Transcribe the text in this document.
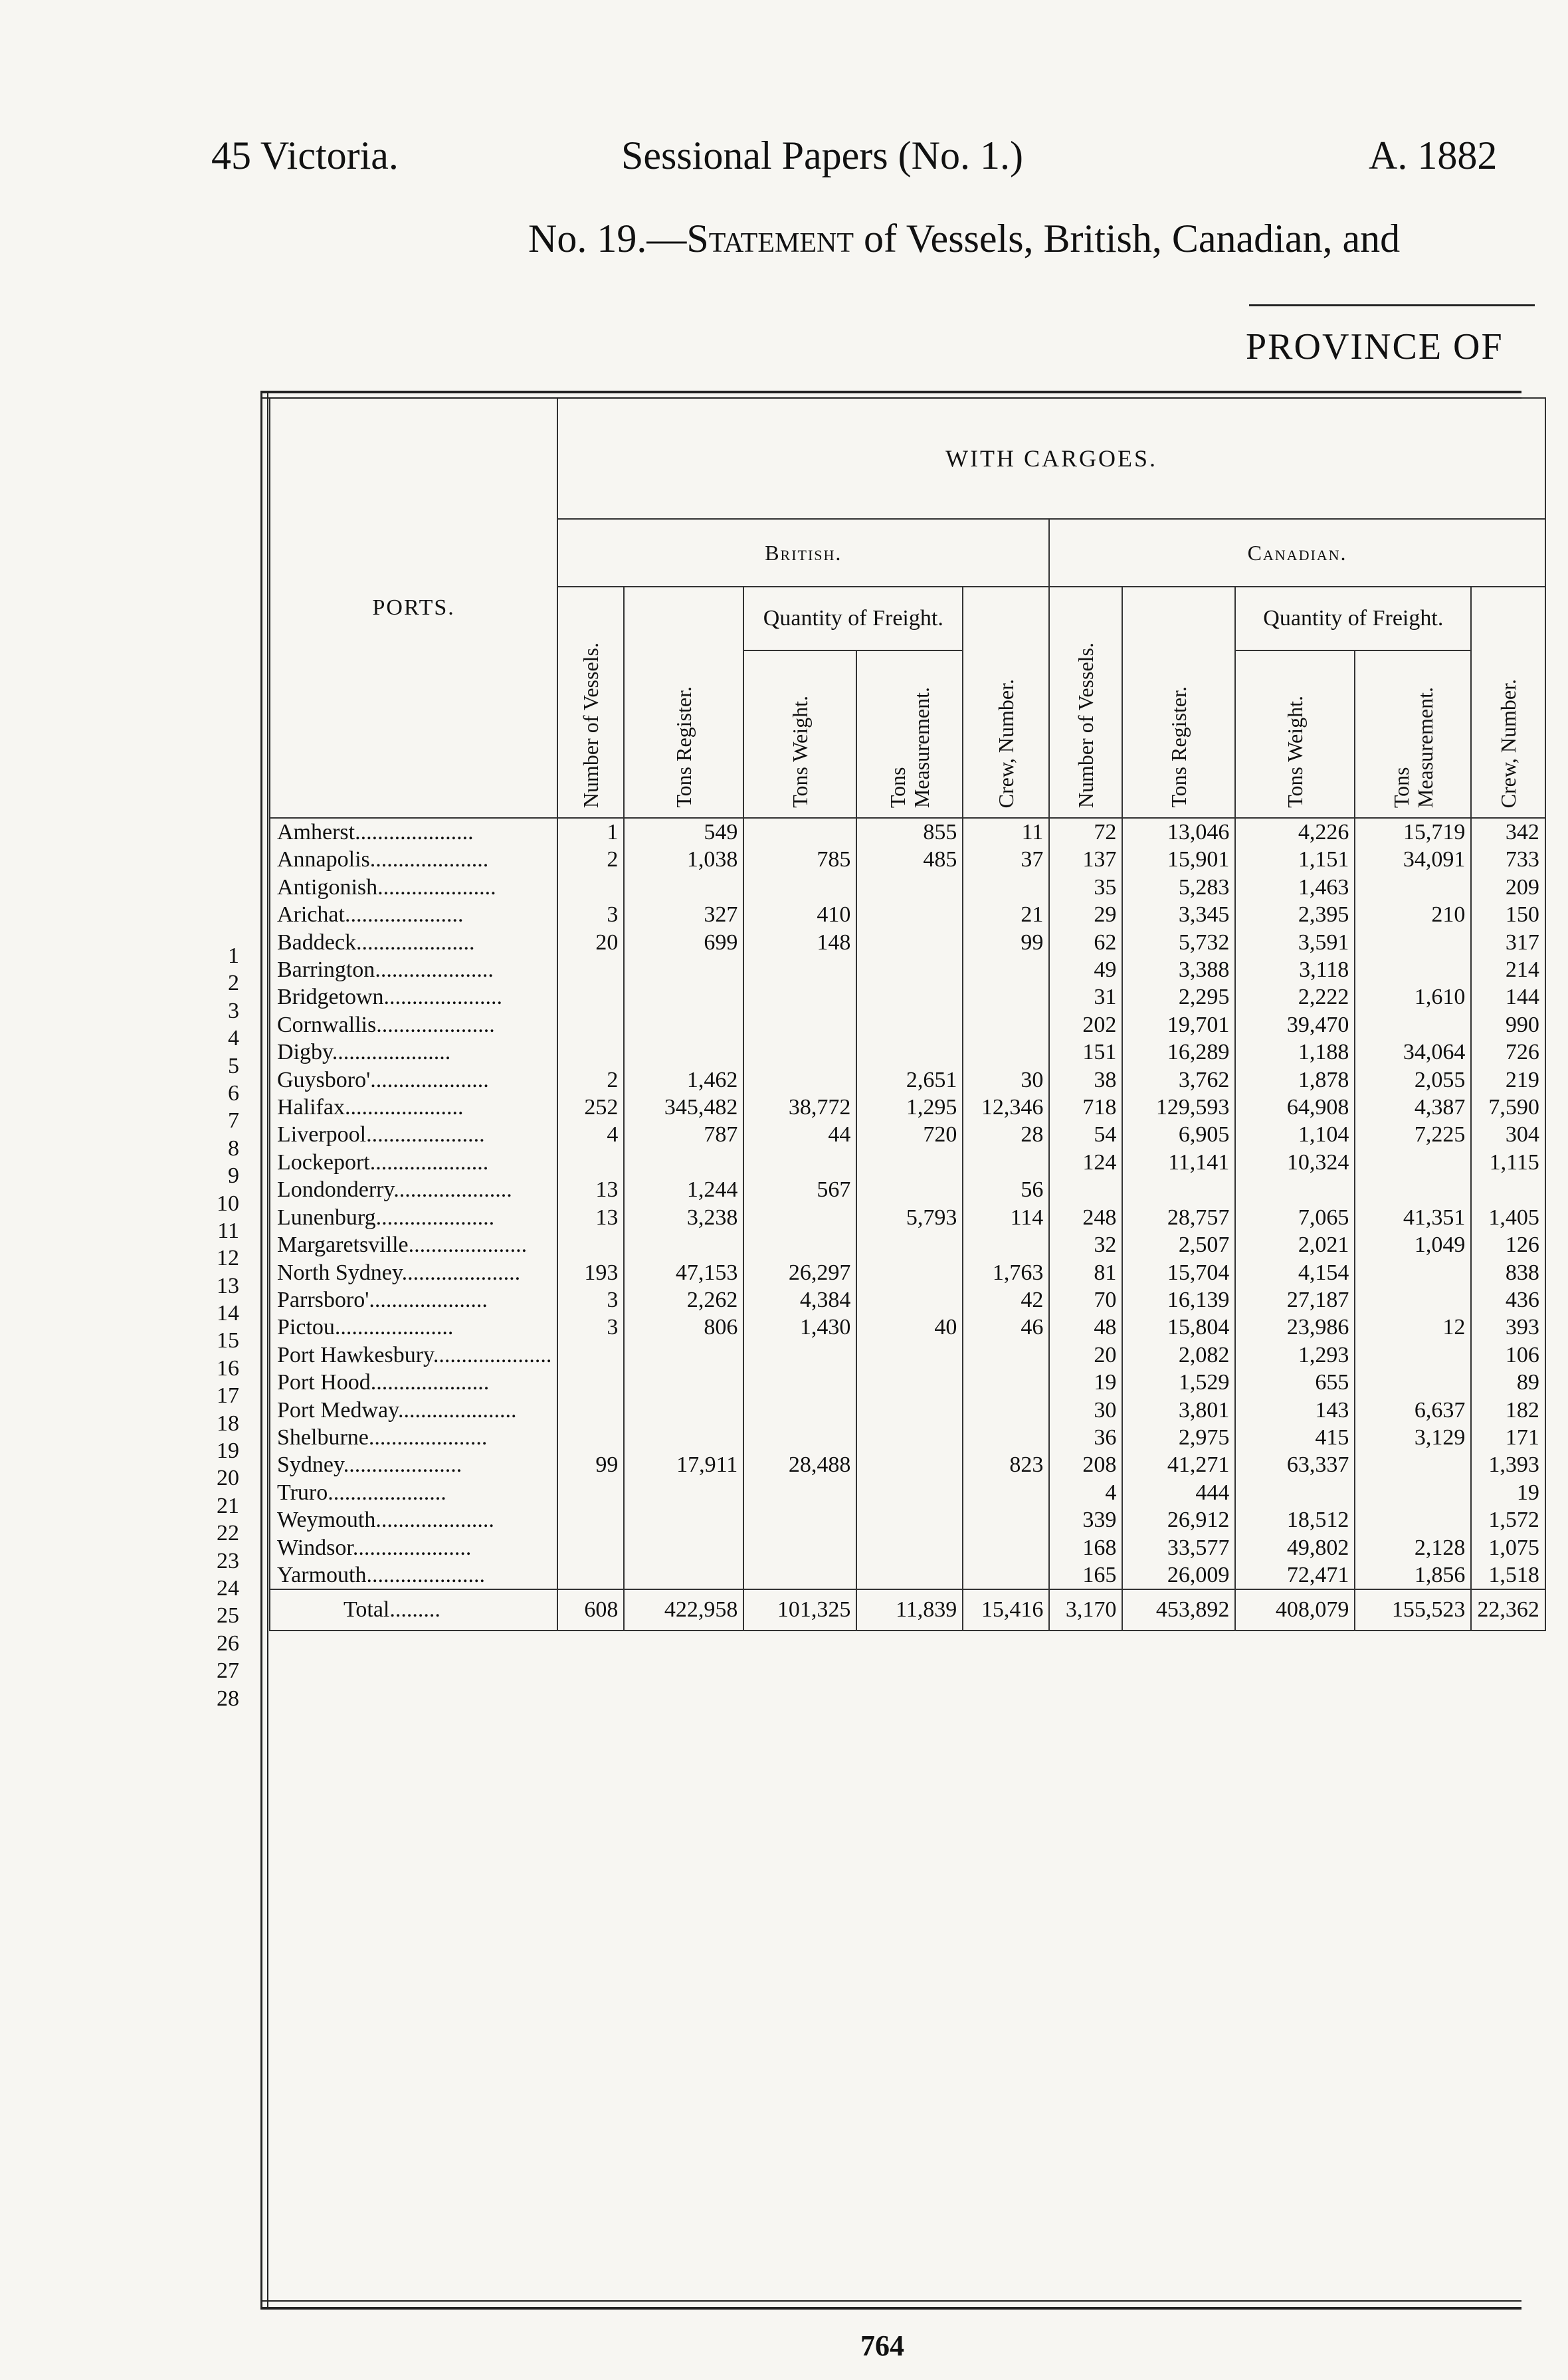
45 Victoria.	Sessional Papers (No. 1.)	A. 1882
No. 19.—Statement of Vessels, British, Canadian, and
PROVINCE OF
1
2
3
4
5
6
7
8
9
10
11
12
13
14
15
16
17
18
19
20
21
22
23
24
25
26
27
28
PORTS.	WITH CARGOES.									
	British.					Canadian.				

	Number of Vessels.	Tons Register.	Quantity of Freight.		Crew, Number.	Number of Vessels.	Tons Register.	Quantity of Freight.		Crew, Number.

			Tons Weight.	Tons Measurement.				Tons Weight.	Tons Measurement.	

Amherst.....................	1	549		855	11	72	13,046	4,226	15,719	342
Annapolis.....................	2	1,038	785	485	37	137	15,901	1,151	34,091	733
Antigonish.....................						35	5,283	1,463		209
Arichat.....................	3	327	410		21	29	3,345	2,395	210	150
Baddeck.....................	20	699	148		99	62	5,732	3,591		317
Barrington.....................						49	3,388	3,118		214
Bridgetown.....................						31	2,295	2,222	1,610	144
Cornwallis.....................						202	19,701	39,470		990
Digby.....................						151	16,289	1,188	34,064	726
Guysboro'.....................	2	1,462		2,651	30	38	3,762	1,878	2,055	219
Halifax.....................	252	345,482	38,772	1,295	12,346	718	129,593	64,908	4,387	7,590
Liverpool.....................	4	787	44	720	28	54	6,905	1,104	7,225	304
Lockeport.....................						124	11,141	10,324		1,115
Londonderry.....................	13	1,244	567		56					
Lunenburg.....................	13	3,238		5,793	114	248	28,757	7,065	41,351	1,405
Margaretsville.....................						32	2,507	2,021	1,049	126
North Sydney.....................	193	47,153	26,297		1,763	81	15,704	4,154		838
Parrsboro'.....................	3	2,262	4,384		42	70	16,139	27,187		436
Pictou.....................	3	806	1,430	40	46	48	15,804	23,986	12	393
Port Hawkesbury.....................						20	2,082	1,293		106
Port Hood.....................						19	1,529	655		89
Port Medway.....................						30	3,801	143	6,637	182
Shelburne.....................						36	2,975	415	3,129	171
Sydney.....................	99	17,911	28,488		823	208	41,271	63,337		1,393
Truro.....................						4	444			19
Weymouth.....................						339	26,912	18,512		1,572
Windsor.....................						168	33,577	49,802	2,128	1,075
Yarmouth.....................						165	26,009	72,471	1,856	1,518
Total.........	608	422,958	101,325	11,839	15,416	3,170	453,892	408,079	155,523	22,362
764
